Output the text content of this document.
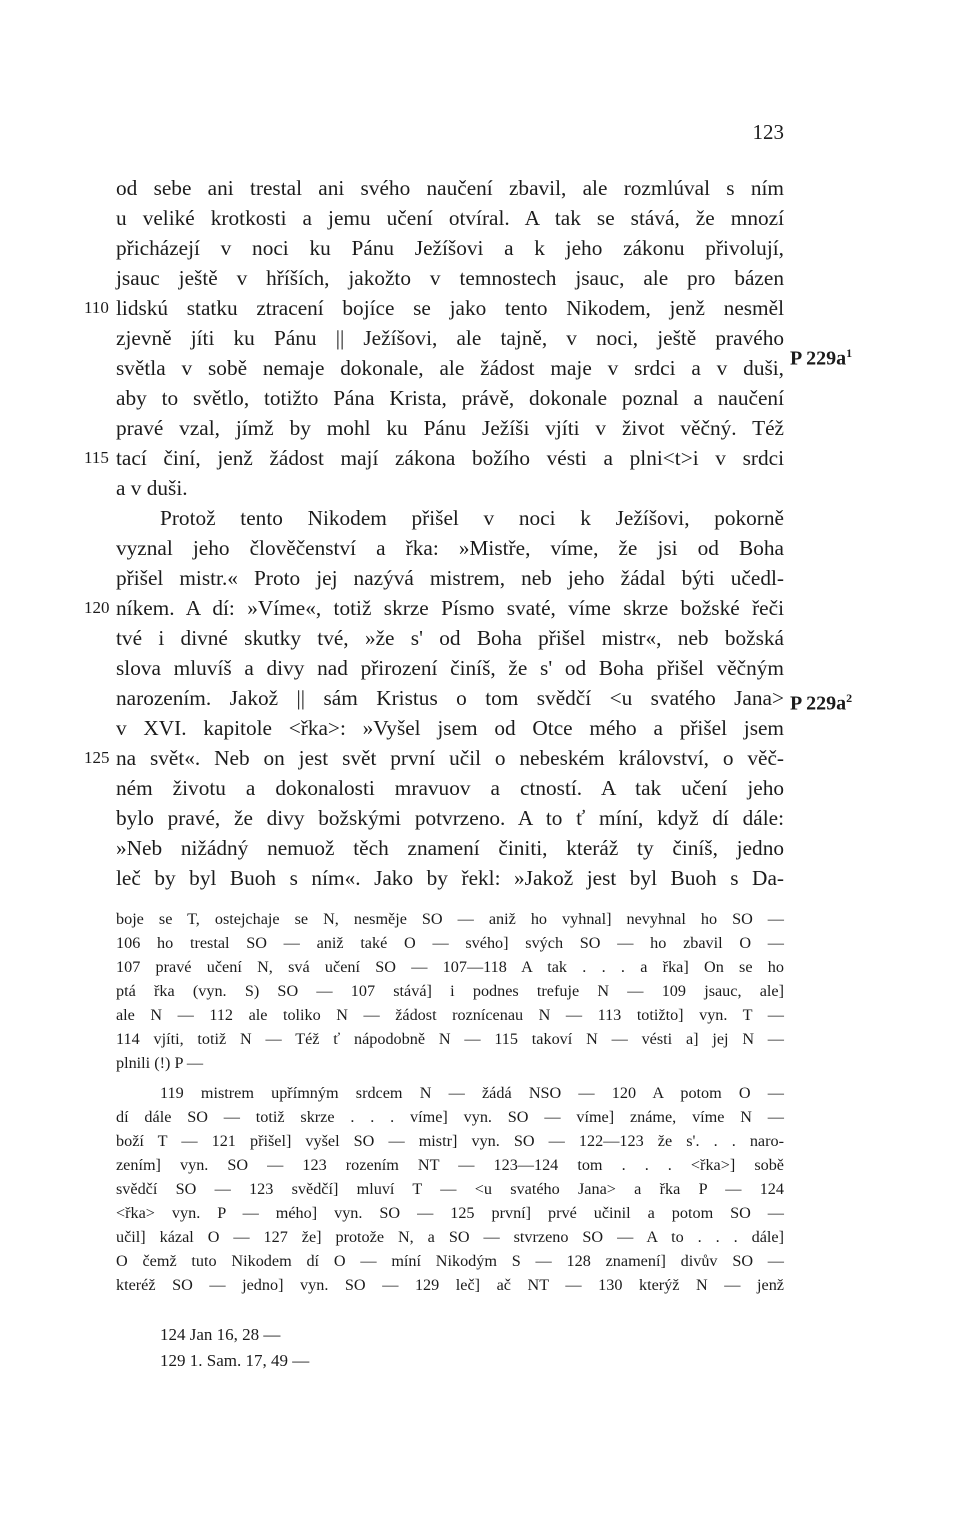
123
od sebe ani trestal ani svého naučení zbavil, ale rozmlúval s ním
u veliké krotkosti a jemu učení otvíral. A tak se stává, že mnozí
přicházejí v noci ku Pánu Ježíšovi a k jeho zákonu přivolují,
jsauc ještě v hříších, jakožto v temnostech jsauc, ale pro bázen
lidskú statku ztracení bojíce se jako tento Nikodem, jenž nesměl
zjevně jíti ku Pánu || Ježíšovi, ale tajně, v noci, ještě pravého
světla v sobě nemaje dokonale, ale žádost maje v srdci a v duši,
aby to světlo, totižto Pána Krista, právě, dokonale poznal a naučení
pravé vzal, jímž by mohl ku Pánu Ježíši vjíti v život věčný. Též
tací činí, jenž žádost mají zákona božího vésti a plni<t>i v srdci
a v duši.
Protož tento Nikodem přišel v noci k Ježíšovi, pokorně
vyznal jeho člověčenství a řka: »Mistře, víme, že jsi od Boha
přišel mistr.« Proto jej nazývá mistrem, neb jeho žádal býti učedl-
níkem. A dí: »Víme«, totiž skrze Písmo svaté, víme skrze božské řeči
tvé i divné skutky tvé, »že s' od Boha přišel mistr«, neb božská
slova mluvíš a divy nad přirození činíš, že s' od Boha přišel věčným
narozením. Jakož || sám Kristus o tom svědčí <u svatého Jana>
v XVI. kapitole <řka>: »Vyšel jsem od Otce mého a přišel jsem
na svět«. Neb on jest svět první učil o nebeském království, o věč-
ném životu a dokonalosti mravuov a ctností. A tak učení jeho
bylo pravé, že divy božskými potvrzeno. A to ť míní, když dí dále:
»Neb nižádný nemuož těch znamení činiti, kteráž ty činíš, jedno
leč by byl Buoh s ním«. Jako by řekl: »Jakož jest byl Buoh s Da-
110
115
120
125
P $229a^1$
P $229a^2$
boje se T, ostejchaje se N, nesměje SO — aniž ho vyhnal] nevyhnal ho SO —
106 ho trestal SO — aniž také O — svého] svých SO — ho zbavil O —
107 pravé učení N, svá učení SO — 107—118 A tak . . . a řka] On se ho
ptá řka (vyn. S) SO — 107 stává] i podnes trefuje N — 109 jsauc, ale]
ale N — 112 ale toliko N — žádost roznícenau N — 113 totižto] vyn. T —
114 vjíti, totiž N — Též ť nápodobně N — 115 takoví N — vésti a] jej N —
plnili (!) P —
119 mistrem upřímným srdcem N — žádá NSO — 120 A potom O —
dí dále SO — totiž skrze . . . víme] vyn. SO — víme] známe, víme N —
boží T — 121 přišel] vyšel SO — mistr] vyn. SO — 122—123 že s'. . . naro-
zením] vyn. SO — 123 rozením NT — 123—124 tom . . . <řka>] sobě
svědčí SO — 123 svědčí] mluví T — <u svatého Jana> a řka P — 124
<řka> vyn. P — mého] vyn. SO — 125 první] prvé učinil a potom SO —
učil] kázal O — 127 že] protože N, a SO — stvrzeno SO — A to . . . dále]
O čemž tuto Nikodem dí O — míní Nikodým S — 128 znamení] divův SO —
kteréž SO — jedno] vyn. SO — 129 leč] ač NT — 130 kterýž N — jenž
124 Jan 16, 28 —
129 1. Sam. 17, 49 —
